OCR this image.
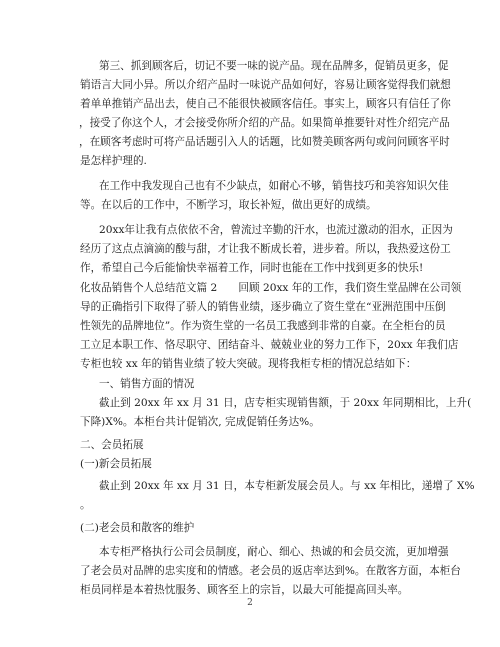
第三、抓到顾客后，切记不要一味的说产品。现在品牌多，促销员更多，促
销语言大同小异。所以介绍产品时一味说产品如何好，容易让顾客觉得我们就想
着单单推销产品出去，使自己不能很快被顾客信任。事实上，顾客只有信任了你
，接受了你这个人，才会接受你所介绍的产品。如果简单推要针对性介绍完产品
，在顾客考虑时可将产品话题引入人的话题，比如赞美顾客两句或问问顾客平时
是怎样护理的.
在工作中我发现自己也有不少缺点，如耐心不够，销售技巧和美容知识欠佳
等。在以后的工作中，不断学习，取长补短，做出更好的成绩。
20xx年让我有点依依不舍，曾流过辛勤的汗水，也流过激动的泪水，正因为
经历了这点点滴滴的酸与甜，才让我不断成长着，进步着。所以，我热爱这份工
作，希望自己今后能愉快幸福着工作，同时也能在工作中找到更多的快乐!
化妆品销售个人总结范文篇 2　　回顾 20xx 年的工作，我们资生堂品牌在公司领
导的正确指引下取得了骄人的销售业绩，逐步确立了资生堂在“亚洲范围中压倒
性领先的品牌地位”。作为资生堂的一名员工我感到非常的自豪。在全柜台的员
工立足本职工作、恪尽职守、团结奋斗、兢兢业业的努力工作下，20xx 年我们店
专柜也较 xx 年的销售业绩了较大突破。现将我柜专柜的情况总结如下：
一、销售方面的情况
截止到 20xx 年 xx 月 31 日，店专柜实现销售额，于 20xx 年同期相比，上升(
下降)X%。本柜台共计促销次, 完成促销任务达%。
二、会员拓展
(一)新会员拓展
截止到 20xx 年 xx 月 31 日，本专柜新发展会员人。与 xx 年相比，递增了 X%
。
(二)老会员和散客的维护
本专柜严格执行公司会员制度，耐心、细心、热诚的和会员交流，更加增强
了老会员对品牌的忠实度和的情感。老会员的返店率达到%。在散客方面，本柜台
柜员同样是本着热忱服务、顾客至上的宗旨，以最大可能提高回头率。
2
